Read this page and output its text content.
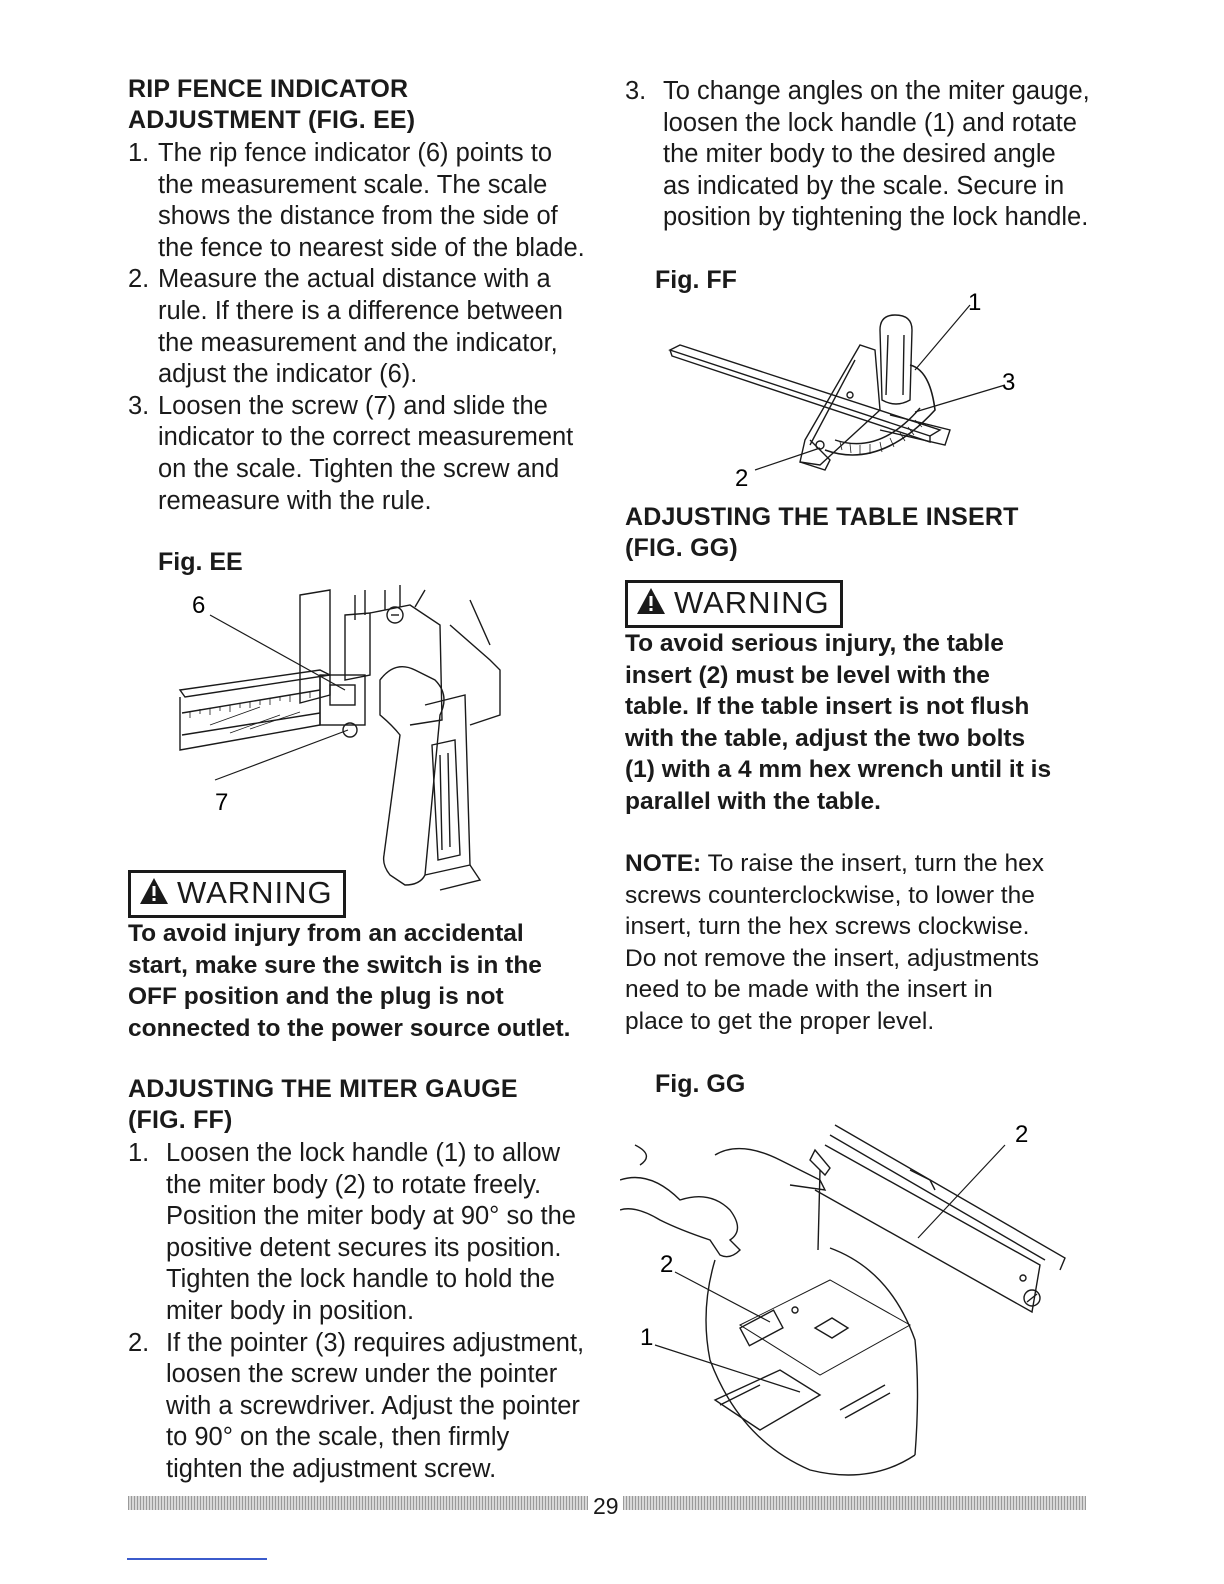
RIP FENCE INDICATOR
ADJUSTMENT (FIG. EE)
1. The rip fence indicator (6) points to
the measurement scale. The scale
shows the distance from the side of
the fence to nearest side of the blade.
2. Measure the actual distance with a
rule. If there is a difference between
the measurement and the indicator,
adjust the indicator (6).
3. Loosen the screw (7) and slide the
indicator to the correct measurement
on the scale. Tighten the screw and
remeasure with the rule.
Fig. EE
6
7
WARNING
To avoid injury from an accidental
start, make sure the switch is in the
OFF position and the plug is not
connected to the power source outlet.
ADJUSTING THE MITER GAUGE
(FIG. FF)
1. Loosen the lock handle (1) to allow
the miter body (2) to rotate freely.
Position the miter body at 90° so the
positive detent secures its position.
Tighten the lock handle to hold the
miter body in position.
2. If the pointer (3) requires adjustment,
loosen the screw under the pointer
with a screwdriver. Adjust the pointer
to 90° on the scale, then firmly
tighten the adjustment screw.
3. To change angles on the miter gauge,
loosen the lock handle (1) and rotate
the miter body to the desired angle
as indicated by the scale. Secure in
position by tightening the lock handle.
Fig. FF
1
3
2
ADJUSTING THE TABLE INSERT
(FIG. GG)
WARNING
To avoid serious injury, the table
insert (2) must be level with the
table. If the table insert is not flush
with the table, adjust the two bolts
(1) with a 4 mm hex wrench until it is
parallel with the table.
NOTE: To raise the insert, turn the hex
screws counterclockwise, to lower the
insert, turn the hex screws clockwise.
Do not remove the insert, adjustments
need to be made with the insert in
place to get the proper level.
Fig. GG
2
2
1
29
